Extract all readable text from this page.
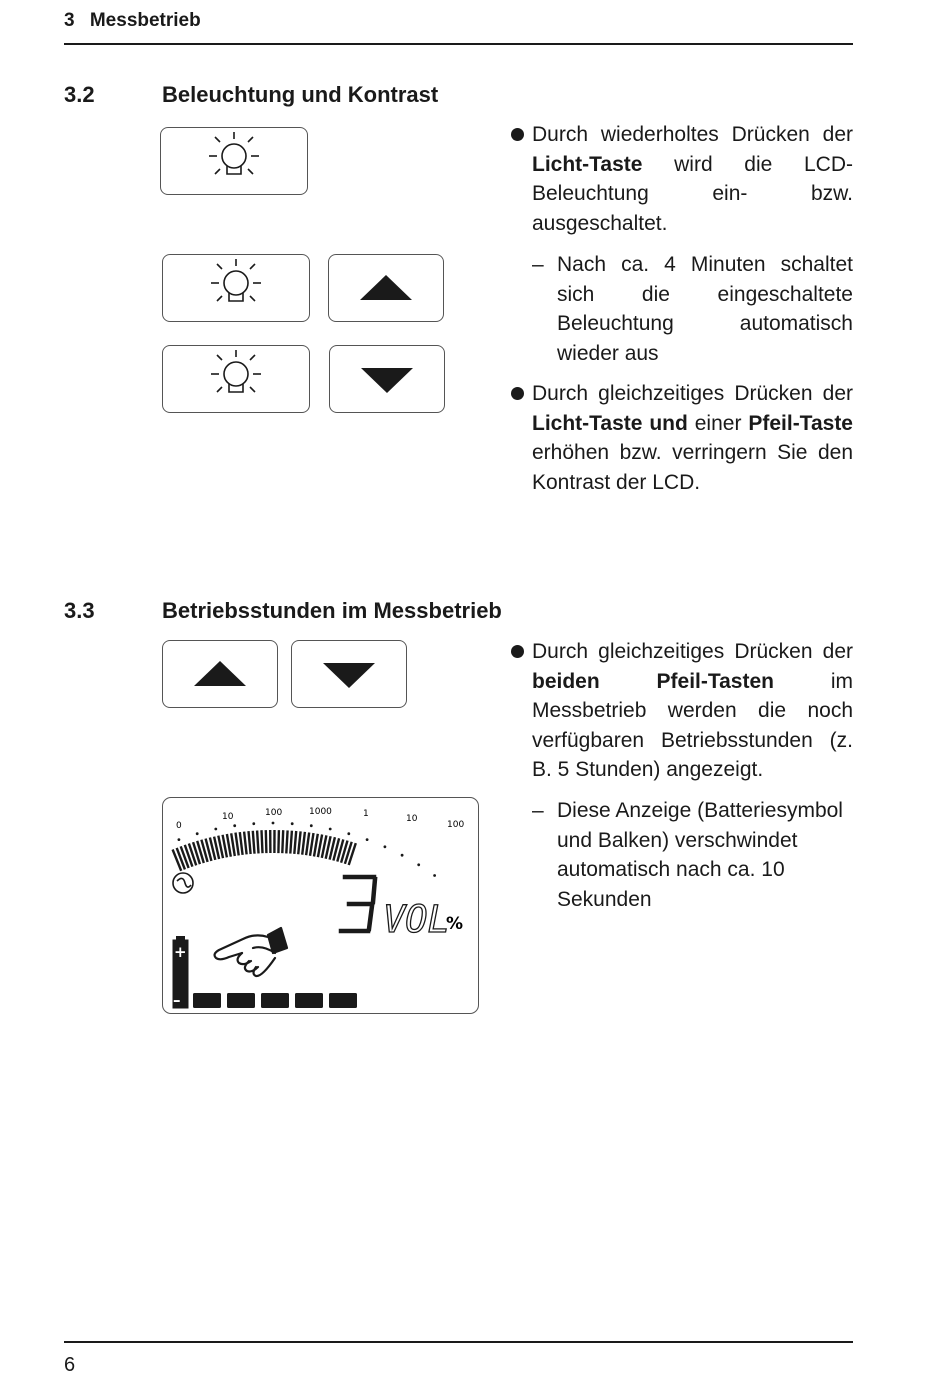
3 Messbetrieb
3.2	Beleuchtung und Kontrast
Durch wiederholtes Drücken der Licht-Taste wird die LCD-Beleuchtung ein- bzw. ausgeschaltet.
– Nach ca. 4 Minuten schaltet sich die eingeschaltete Beleuchtung automatisch wieder aus
Durch gleichzeitiges Drücken der Licht-Taste und einer Pfeil-Taste erhöhen bzw. verringern Sie den Kontrast der LCD.
3.3	Betriebsstunden im Messbetrieb
0
10	100	1000	1	10
100
VOL
%
+
–
Durch gleichzeitiges Drücken der beiden Pfeil-Tasten im Messbetrieb werden die noch verfügbaren Betriebsstunden (z. B. 5 Stunden) angezeigt.
– Diese Anzeige (Batteriesymbol und Balken) verschwindet automatisch nach ca. 10 Sekunden
6
